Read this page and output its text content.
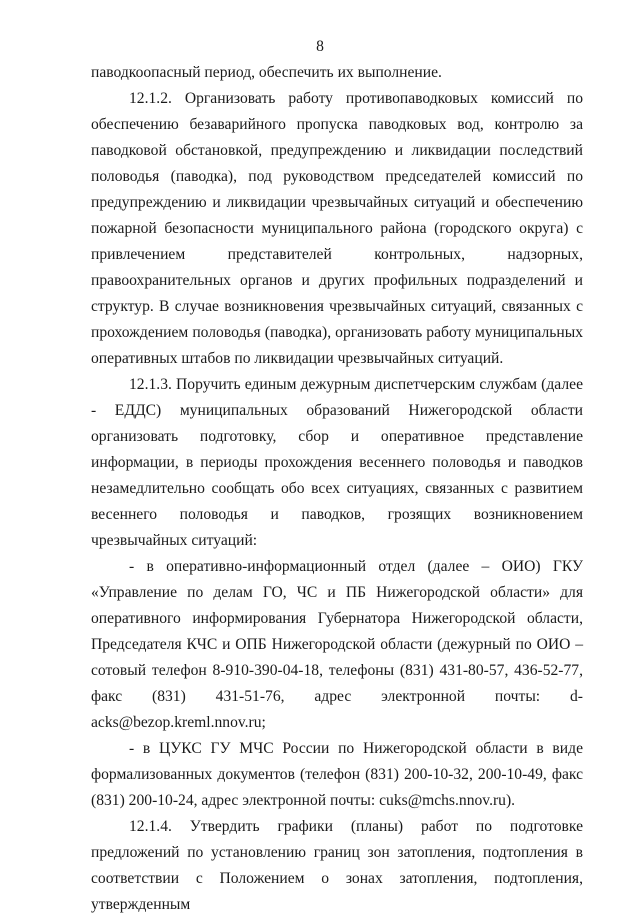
8

паводкоопасный период, обеспечить их выполнение.

12.1.2. Организовать работу противопаводковых комиссий по обеспечению безаварийного пропуска паводковых вод, контролю за паводковой обстановкой, предупреждению и ликвидации последствий половодья (паводка), под руководством председателей комиссий по предупреждению и ликвидации чрезвычайных ситуаций и обеспечению пожарной безопасности муниципального района (городского округа) с привлечением представителей контрольных, надзорных, правоохранительных органов и других профильных подразделений и структур. В случае возникновения чрезвычайных ситуаций, связанных с прохождением половодья (паводка), организовать работу муниципальных оперативных штабов по ликвидации чрезвычайных ситуаций.

12.1.3. Поручить единым дежурным диспетчерским службам (далее - ЕДДС) муниципальных образований Нижегородской области организовать подготовку, сбор и оперативное представление информации, в периоды прохождения весеннего половодья и паводков незамедлительно сообщать обо всех ситуациях, связанных с развитием весеннего половодья и паводков, грозящих возникновением чрезвычайных ситуаций:

- в оперативно-информационный отдел (далее – ОИО) ГКУ «Управление по делам ГО, ЧС и ПБ Нижегородской области» для оперативного информирования Губернатора Нижегородской области, Председателя КЧС и ОПБ Нижегородской области (дежурный по ОИО – сотовый телефон 8-910-390-04-18, телефоны (831) 431-80-57, 436-52-77, факс (831) 431-51-76, адрес электронной почты: d-acks@bezop.kreml.nnov.ru;

- в ЦУКС ГУ МЧС России по Нижегородской области в виде формализованных документов (телефон (831) 200-10-32, 200-10-49, факс (831) 200-10-24, адрес электронной почты: cuks@mchs.nnov.ru).

12.1.4. Утвердить графики (планы) работ по подготовке предложений по установлению границ зон затопления, подтопления в соответствии с Положением о зонах затопления, подтопления, утвержденным
